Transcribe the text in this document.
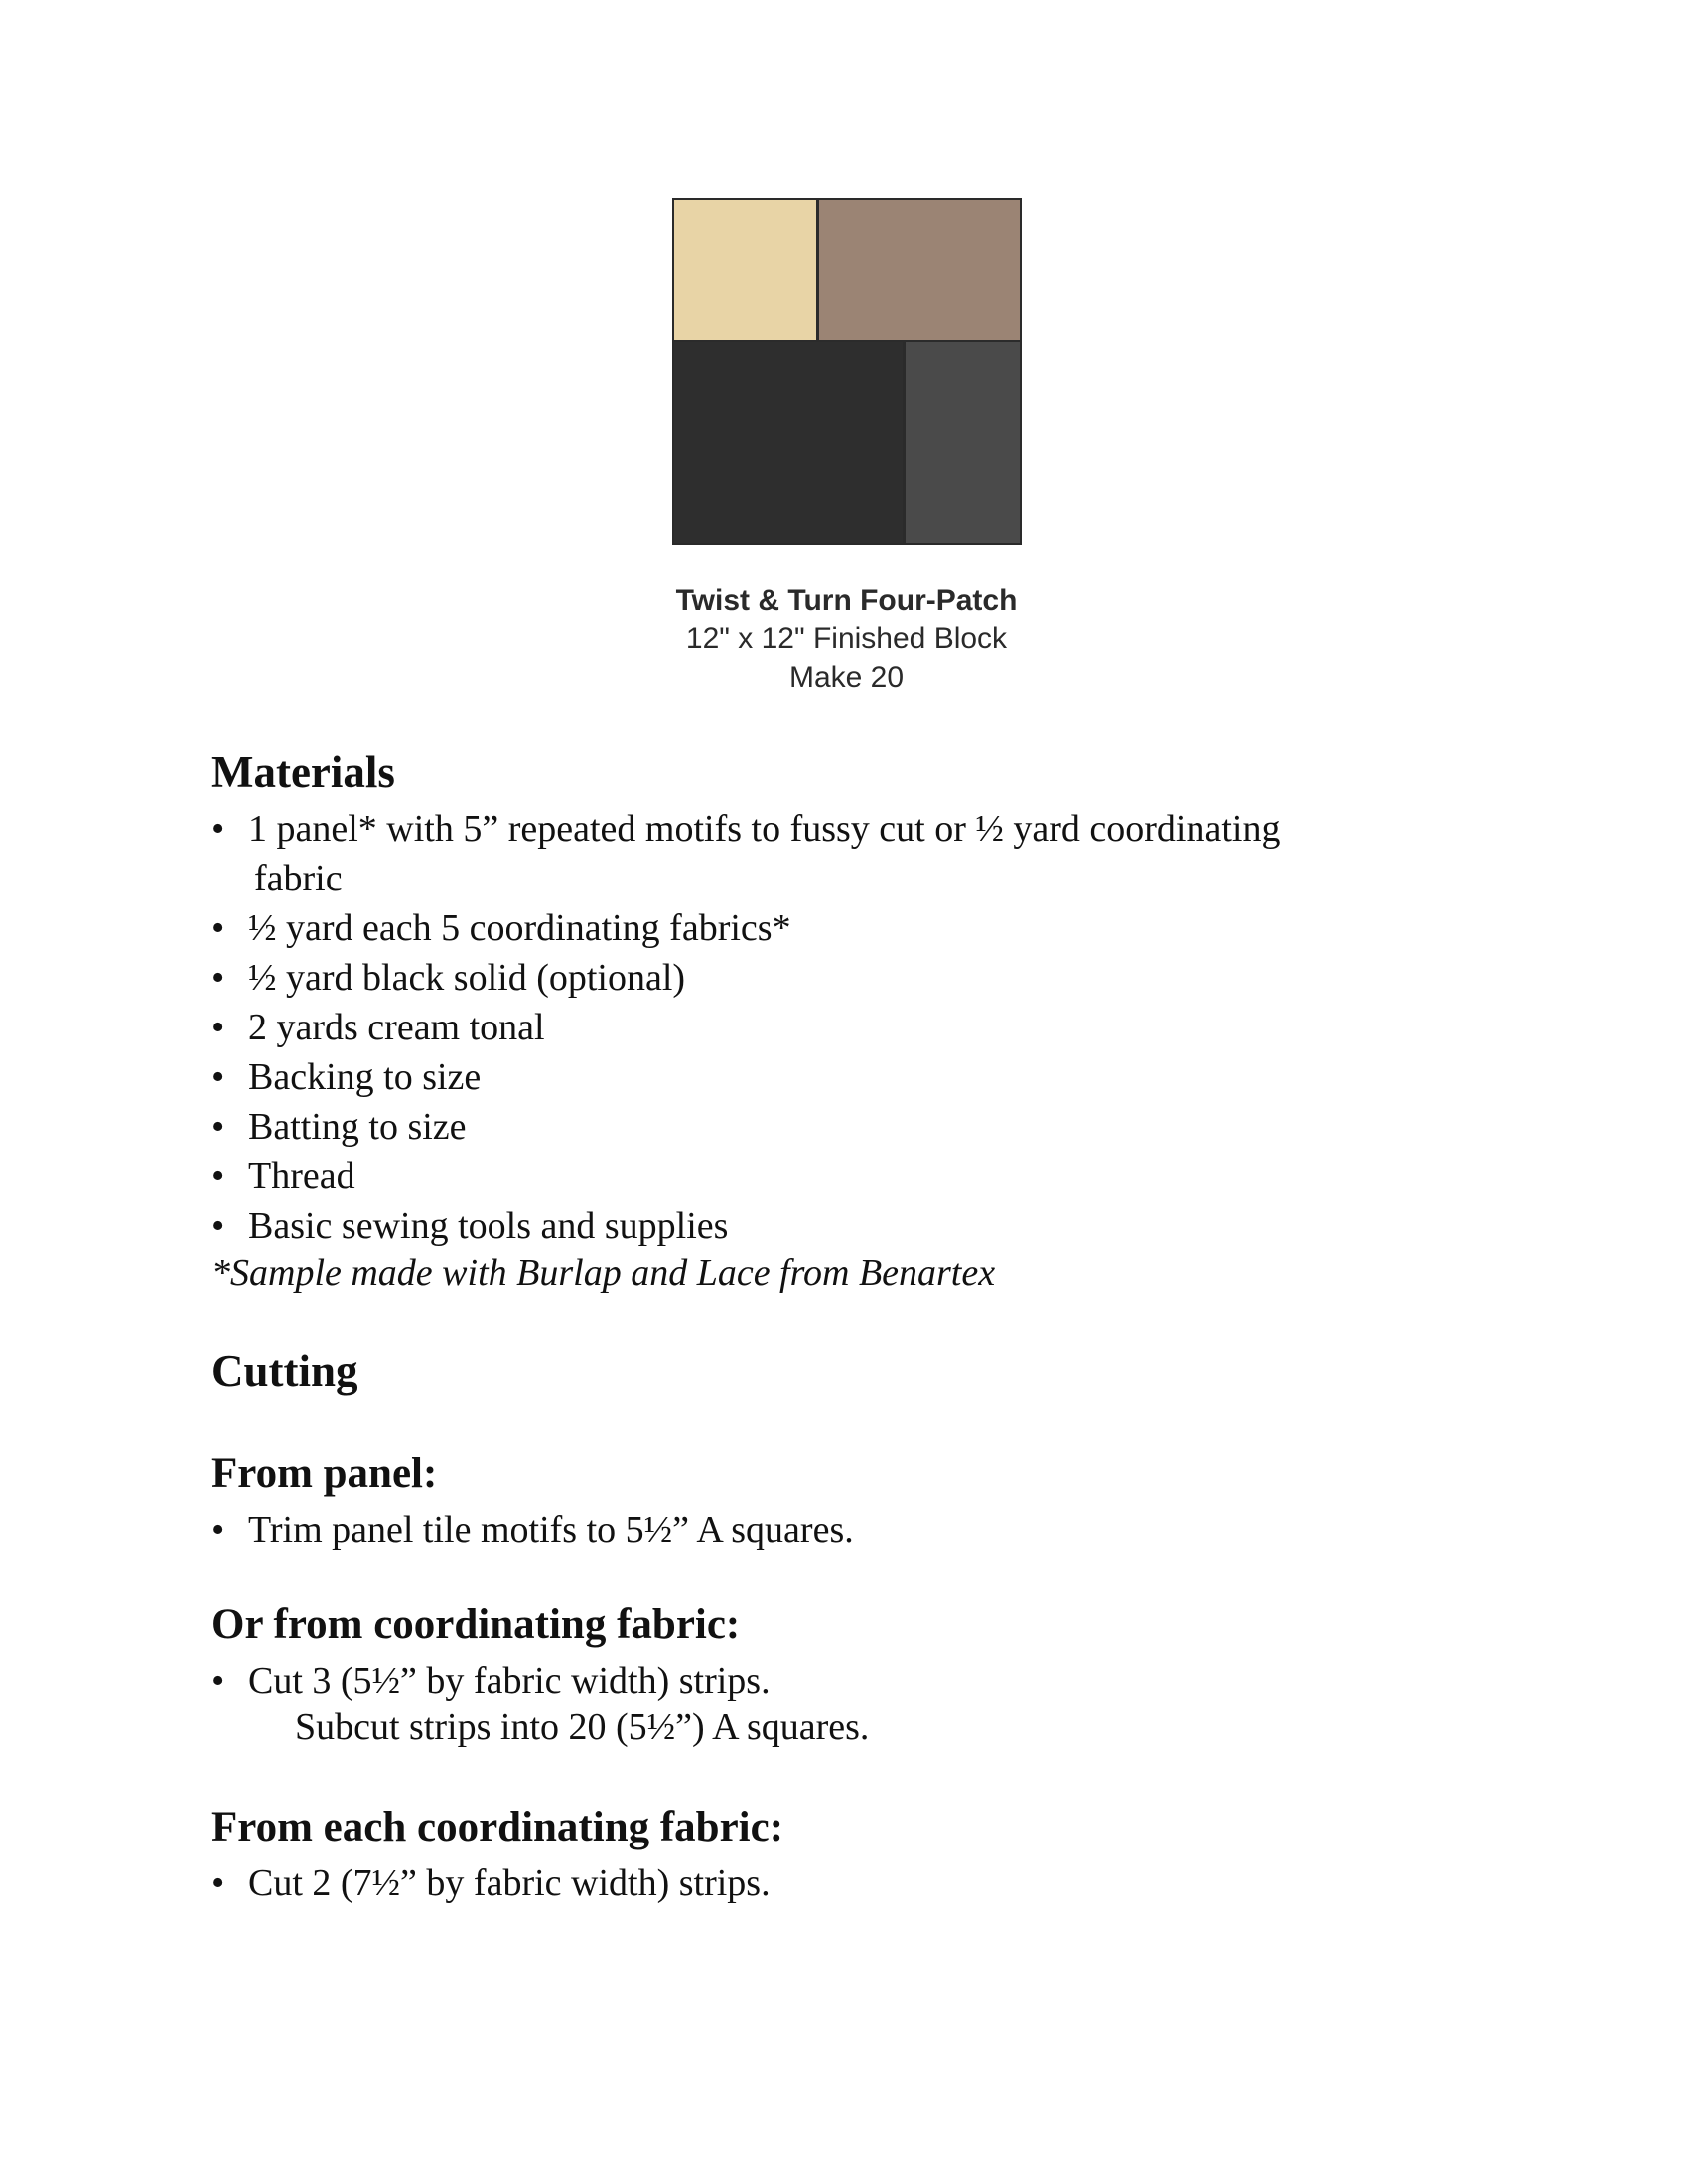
Twist & Turn Four-Patch
12" x 12" Finished Block
Make 20
Materials
• 1 panel* with 5” repeated motifs to fussy cut or ½ yard coordinating
fabric
• ½ yard each 5 coordinating fabrics*
• ½ yard black solid (optional)
• 2 yards cream tonal
• Backing to size
• Batting to size
• Thread
• Basic sewing tools and supplies
*Sample made with Burlap and Lace from Benartex
Cutting
From panel:
• Trim panel tile motifs to 5½” A squares.
Or from coordinating fabric:
• Cut 3 (5½” by fabric width) strips.
Subcut strips into 20 (5½”) A squares.
From each coordinating fabric:
• Cut 2 (7½” by fabric width) strips.
